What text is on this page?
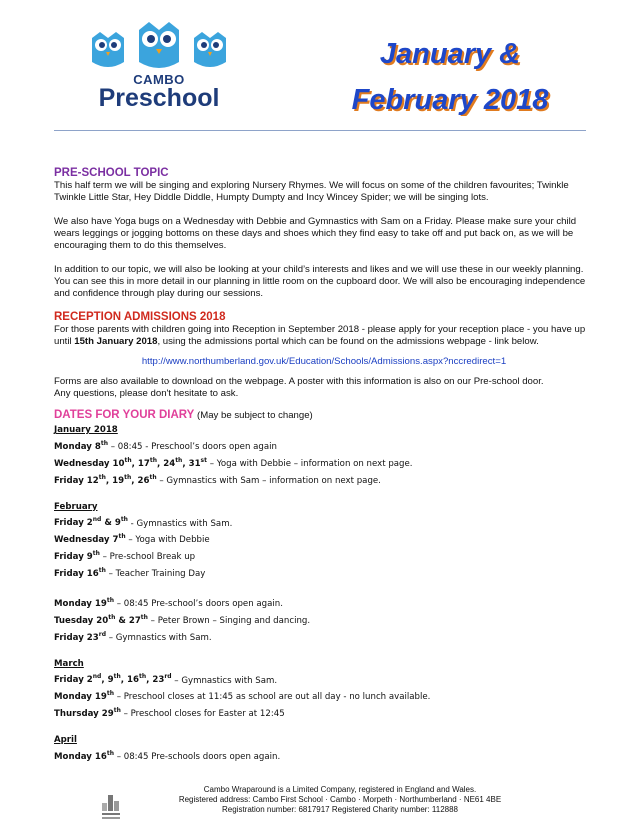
CAMBO
Preschool
January &
February 2018
PRE-SCHOOL TOPIC

This half term we will be singing and exploring Nursery Rhymes. We will focus on some of the children favourites; Twinkle Twinkle Little Star, Hey Diddle Diddle, Humpty Dumpty and Incy Wincey Spider; we will be singing lots.

We also have Yoga bugs on a Wednesday with Debbie and Gymnastics with Sam on a Friday. Please make sure your child wears leggings or jogging bottoms on these days and shoes which they find easy to take off and put back on, as we will be encouraging them to do this themselves.

In addition to our topic, we will also be looking at your child’s interests and likes and we will use these in our weekly planning. You can see this in more detail in our planning in little room on the cupboard door. We will also be encouraging independence and confidence through play during our sessions.

RECEPTION ADMISSIONS 2018

For those parents with children going into Reception in September 2018 - please apply for your reception place - you have up until 15th January 2018, using the admissions portal which can be found on the admissions webpage - link below.

http://www.northumberland.gov.uk/Education/Schools/Admissions.aspx?nccredirect=1

Forms are also available to download on the webpage. A poster with this information is also on our Pre-school door.

Any questions, please don't hesitate to ask.

DATES FOR YOUR DIARY (May be subject to change)
January 2018
Monday 8th – 08:45 - Preschool’s doors open again
Wednesday 10th, 17th, 24th, 31st – Yoga with Debbie – information on next page.
Friday 12th, 19th, 26th – Gymnastics with Sam – information on next page.
February
Friday 2nd & 9th - Gymnastics with Sam.
Wednesday 7th – Yoga with Debbie
Friday 9th – Pre-school Break up
Friday 16th – Teacher Training Day
Monday 19th – 08:45 Pre-school’s doors open again.
Tuesday 20th & 27th – Peter Brown – Singing and dancing.
Friday 23rd – Gymnastics with Sam.
March
Friday 2nd, 9th, 16th, 23rd – Gymnastics with Sam.
Monday 19th – Preschool closes at 11:45 as school are out all day - no lunch available.
Thursday 29th – Preschool closes for Easter at 12:45
April
Monday 16th – 08:45 Pre-schools doors open again.
Cambo Wraparound is a Limited Company, registered in England and Wales.
Registered address: Cambo First School · Cambo · Morpeth · Northumberland · NE61 4BE
Registration number: 6817917 Registered Charity number: 112888
